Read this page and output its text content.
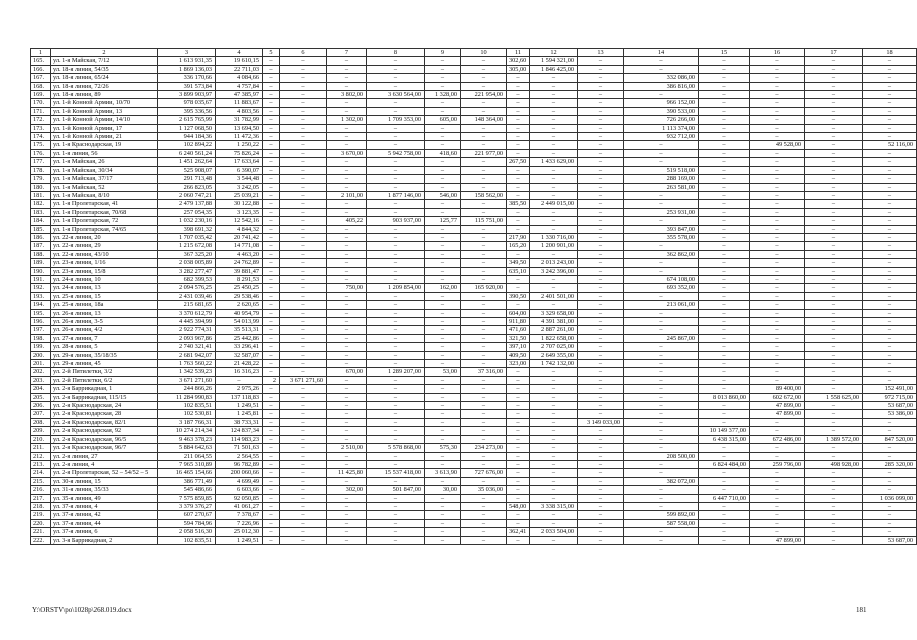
1	2	3	4	5	6	7	8	9	10	11	12	13	14	15	16	17	18
165.	ул. 1-я Майская, 7/12	1 613 931,35	19 610,15	–	–	–	–	–	–	302,60	1 594 321,00	–	–	–	–	–	–
166.	ул. 18-я линия, 54/35	1 869 136,03	22 711,03	–	–	–	–	–	–	305,00	1 846 425,00	–	–	–	–	–	–
167.	ул. 18-я линия, 65/24	336 170,66	4 084,66	–	–	–	–	–	–	–	–	–	332 086,00	–	–	–	–
168.	ул. 18-я линия, 72/26	391 573,84	4 757,84	–	–	–	–	–	–	–	–	–	386 816,00	–	–	–	–
169.	ул. 18-я линия, 89	3 899 903,97	47 385,97	–	–	3 802,00	3 630 564,00	1 328,00	221 954,00	–	–	–	–	–	–	–	–
170.	ул. 1-й Конной Армии, 10/70	978 035,67	11 883,67	–	–	–	–	–	–	–	–	–	966 152,00	–	–	–	–
171.	ул. 1-й Конной Армии, 13	395 336,56	4 803,56	–	–	–	–	–	–	–	–	–	390 533,00	–	–	–	–
172.	ул. 1-й Конной Армии, 14/10	2 615 765,99	31 782,99	–	–	1 302,00	1 709 353,00	605,00	148 364,00	–	–	–	726 266,00	–	–	–	–
173.	ул. 1-й Конной Армии, 17	1 127 068,50	13 694,50	–	–	–	–	–	–	–	–	–	1 113 374,00	–	–	–	–
174.	ул. 1-й Конной Армии, 21	944 184,36	11 472,36	–	–	–	–	–	–	–	–	–	932 712,00	–	–	–	–
175.	ул. 1-я Краснодарская, 19	102 894,22	1 250,22	–	–	–	–	–	–	–	–	–	–	–	49 528,00	–	52 116,00
176.	ул. 1-я линия, 56	6 240 561,24	75 826,24	–	–	3 670,00	5 942 758,00	418,60	221 977,00	–	–	–	–	–	–	–	–
177.	ул. 1-я Майская, 26	1 451 262,64	17 633,64	–	–	–	–	–	–	267,50	1 433 629,00	–	–	–	–	–	–
178.	ул. 1-я Майская, 30/34	525 908,07	6 390,07	–	–	–	–	–	–	–	–	–	519 518,00	–	–	–	–
179.	ул. 1-я Майская, 37/17	291 713,48	3 544,48	–	–	–	–	–	–	–	–	–	288 169,00	–	–	–	–
180.	ул. 1-я Майская, 52	266 823,05	3 242,05	–	–	–	–	–	–	–	–	–	263 581,00	–	–	–	–
181.	ул. 1-я Майская, 8/10	2 060 747,21	25 039,21	–	–	2 101,00	1 877 146,00	546,00	158 562,00	–	–	–	–	–	–	–	–
182.	ул. 1-я Пролетарская, 41	2 479 137,88	30 122,88	–	–	–	–	–	–	385,50	2 449 015,00	–	–	–	–	–	–
183.	ул. 1-я Пролетарская, 70/68	257 054,35	3 123,35	–	–	–	–	–	–	–	–	–	253 931,00	–	–	–	–
184.	ул. 1-я Пролетарская, 72	1 032 230,16	12 542,16	–	–	405,22	903 937,00	125,77	115 751,00	–	–	–	–	–	–	–	–
185.	ул. 1-я Пролетарская, 74/65	398 691,32	4 844,32	–	–	–	–	–	–	–	–	–	393 847,00	–	–	–	–
186.	ул. 22-я линия, 20	1 707 035,42	20 741,42	–	–	–	–	–	–	217,90	1 330 716,00	–	355 578,00	–	–	–	–
187.	ул. 22-я линия, 29	1 215 672,08	14 771,08	–	–	–	–	–	–	165,20	1 200 901,00	–	–	–	–	–	–
188.	ул. 22-я линия, 43/10	367 325,20	4 463,20	–	–	–	–	–	–	–	–	–	362 862,00	–	–	–	–
189.	ул. 23-я линия, 1/16	2 038 005,89	24 762,89	–	–	–	–	–	–	349,50	2 013 243,00	–	–	–	–	–	–
190.	ул. 23-я линия, 15/8	3 282 277,47	39 881,47	–	–	–	–	–	–	635,10	3 242 396,00	–	–	–	–	–	–
191.	ул. 24-я линия, 10	682 399,53	8 291,53	–	–	–	–	–	–	–	–	–	674 108,00	–	–	–	–
192.	ул. 24-я линия, 13	2 094 576,25	25 450,25	–	–	750,00	1 209 854,00	162,00	165 920,00	–	–	–	693 352,00	–	–	–	–
193.	ул. 25-я линия, 15	2 431 039,46	29 538,46	–	–	–	–	–	–	390,50	2 401 501,00	–	–	–	–	–	–
194.	ул. 25-я линия, 18а	215 681,65	2 620,65	–	–	–	–	–	–	–	–	–	213 061,00	–	–	–	–
195.	ул. 26-я линия, 13	3 370 612,79	40 954,79	–	–	–	–	–	–	604,00	3 329 658,00	–	–	–	–	–	–
196.	ул. 26-я линия, 3-5	4 445 394,99	54 013,99	–	–	–	–	–	–	911,80	4 391 381,00	–	–	–	–	–	–
197.	ул. 26-я линия, 4/2	2 922 774,31	35 513,31	–	–	–	–	–	–	471,60	2 887 261,00	–	–	–	–	–	–
198.	ул. 27-я линия, 7	2 093 967,86	25 442,86	–	–	–	–	–	–	321,50	1 822 658,00	–	245 867,00	–	–	–	–
199.	ул. 28-я линия, 5	2 740 321,41	33 296,41	–	–	–	–	–	–	397,10	2 707 025,00	–	–	–	–	–	–
200.	ул. 29-я линия, 35/18/35	2 681 942,07	32 587,07	–	–	–	–	–	–	409,50	2 649 355,00	–	–	–	–	–	–
201.	ул. 29-я линия, 45	1 763 560,22	21 428,22	–	–	–	–	–	–	323,00	1 742 132,00	–	–	–	–	–	–
202.	ул. 2-й Пятилетки, 3/2	1 342 539,23	16 316,23	–	–	670,00	1 289 207,00	53,00	37 316,00	–	–	–	–	–	–	–	–
203.	ул. 2-й Пятилетки, 6/2	3 671 271,60	–	2	3 671 271,60	–	–	–	–	–	–	–	–	–	–	–	–
204.	ул. 2-я Баррикадная, 1	244 866,26	2 975,26	–	–	–	–	–	–	–	–	–	–	–	89 400,00	–	152 491,00
205.	ул. 2-я Баррикадная, 115/15	11 284 990,83	137 118,83	–	–	–	–	–	–	–	–	–	–	8 013 860,00	602 672,00	1 558 625,00	972 715,00
206.	ул. 2-я Краснодарская, 24	102 835,51	1 249,51	–	–	–	–	–	–	–	–	–	–	–	47 899,00	–	53 687,00
207.	ул. 2-я Краснодарская, 28	102 530,81	1 245,81	–	–	–	–	–	–	–	–	–	–	–	47 899,00	–	53 386,00
208.	ул. 2-я Краснодарская, 82/1	3 187 766,31	38 733,31	–	–	–	–	–	–	–	–	3 149 033,00	–	–	–	–	–
209.	ул. 2-я Краснодарская, 92	10 274 214,34	124 837,34	–	–	–	–	–	–	–	–	–	–	10 149 377,00	–	–	–
210.	ул. 2-я Краснодарская, 96/5	9 463 378,23	114 983,23	–	–	–	–	–	–	–	–	–	–	6 438 315,00	672 486,00	1 389 572,00	847 520,00
211.	ул. 2-я Краснодарская, 96/7	5 884 642,63	71 501,63	–	–	2 510,00	5 578 868,00	575,30	234 273,00	–	–	–	–	–	–	–	–
212.	ул. 2-я линия, 27	211 064,55	2 564,55	–	–	–	–	–	–	–	–	–	208 500,00	–	–	–	–
213.	ул. 2-я линия, 4	7 965 310,89	96 782,89	–	–	–	–	–	–	–	–	–	–	6 824 484,00	259 796,00	498 928,00	285 320,00
214.	ул. 2-я Пролетарская, 52 – 54/52 – 5	16 465 154,66	200 060,66	–	–	11 425,80	15 537 418,00	3 613,90	727 676,00	–	–	–	–	–	–	–	–
215.	ул. 30-я линия, 15	386 771,49	4 699,49	–	–	–	–	–	–	–	–	–	382 072,00	–	–	–	–
216.	ул. 31-я линия, 35/33	545 486,66	6 603,66	–	–	302,00	501 847,00	30,00	35 036,00	–	–	–	–	–	–	–	–
217.	ул. 35-я линия, 49	7 575 859,85	92 050,85	–	–	–	–	–	–	–	–	–	–	6 447 710,00	–	–	1 036 099,00
218.	ул. 37-я линия, 4	3 379 376,27	41 061,27	–	–	–	–	–	–	548,00	3 338 315,00	–	–	–	–	–	–
219.	ул. 37-я линия, 42	607 270,67	7 378,67	–	–	–	–	–	–	–	–	–	599 892,00	–	–	–	–
220.	ул. 37-я линия, 44	594 784,96	7 226,96	–	–	–	–	–	–	–	–	–	587 558,00	–	–	–	–
221.	ул. 37-я линия, 6	2 058 516,30	25 012,30	–	–	–	–	–	–	362,41	2 033 504,00	–	–	–	–	–	–
222.	ул. 3-я Баррикадная, 2	102 835,51	1 249,51	–	–	–	–	–	–	–	–	–	–	–	47 899,00	–	53 687,00
Y:\ORSTV\po\1028p\268.019.docx	181
